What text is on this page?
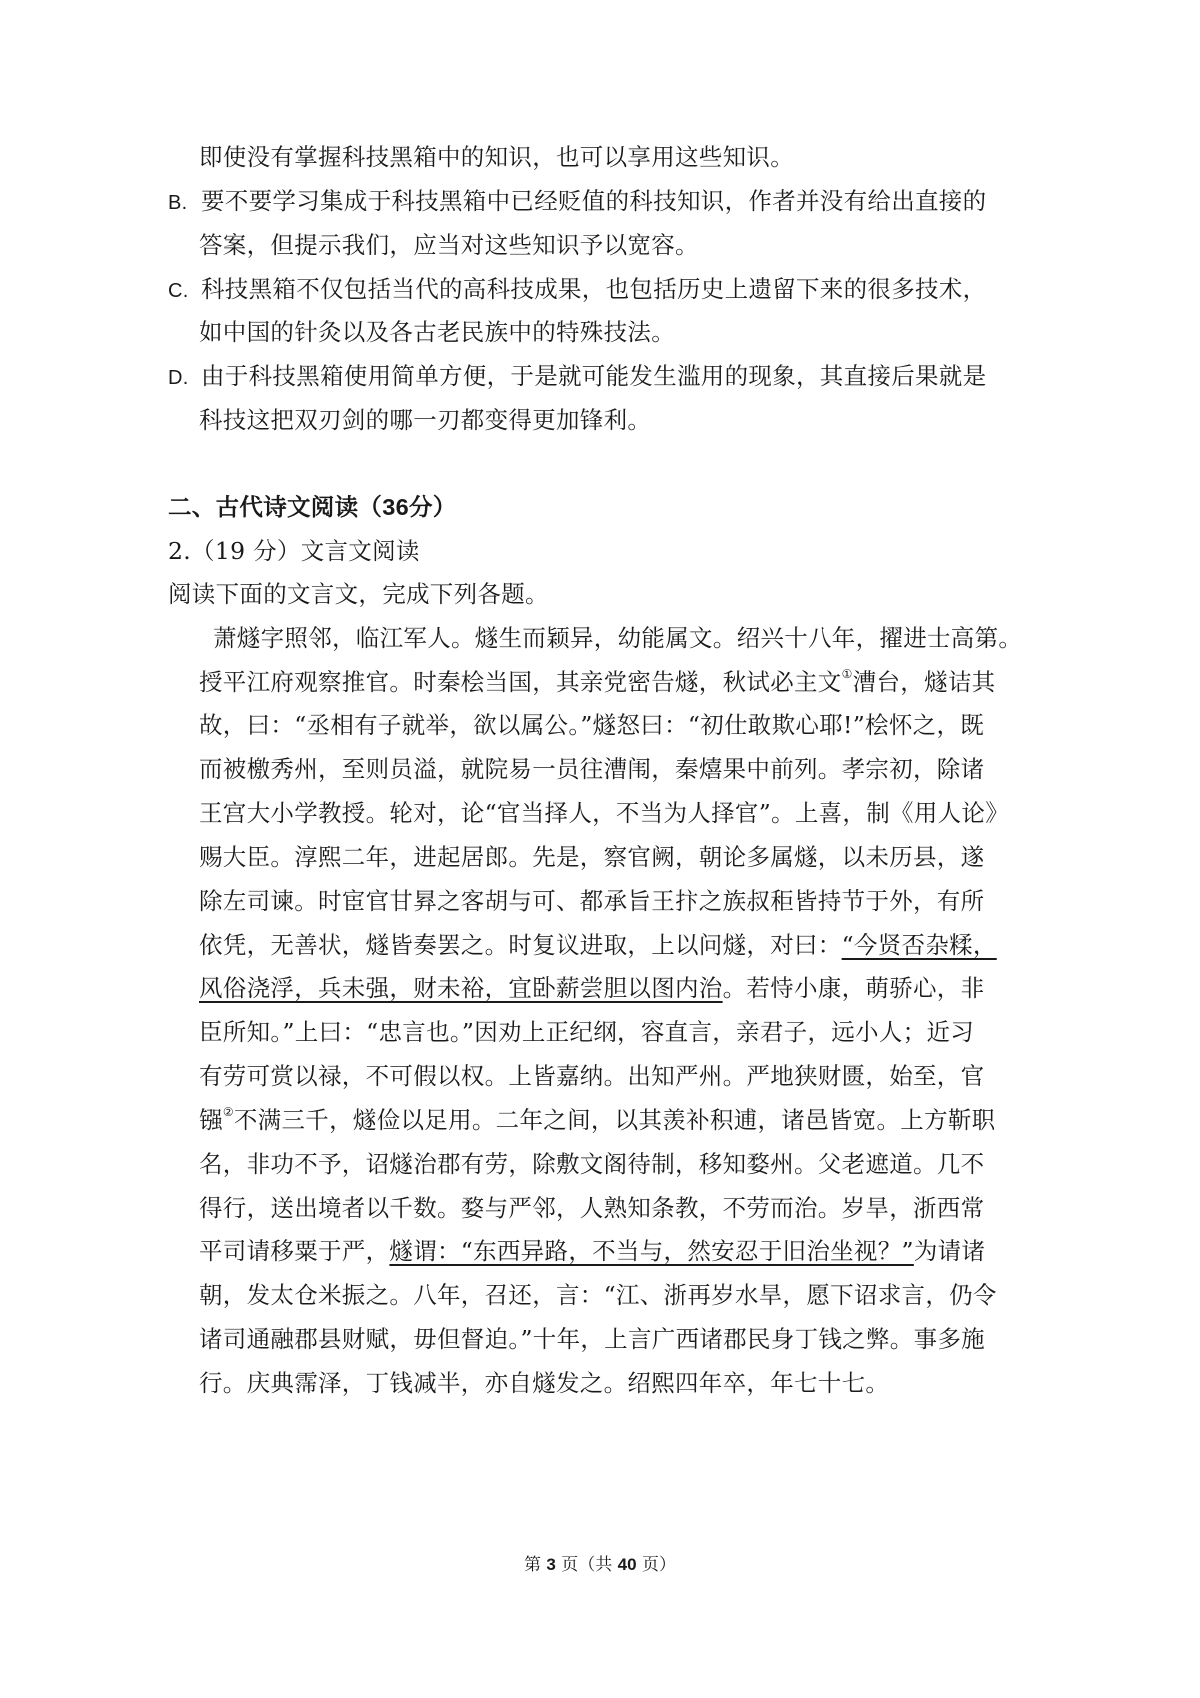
即使没有掌握科技黑箱中的知识，也可以享用这些知识。
B. 要不要学习集成于科技黑箱中已经贬值的科技知识，作者并没有给出直接的
答案，但提示我们，应当对这些知识予以宽容。
C. 科技黑箱不仅包括当代的高科技成果，也包括历史上遗留下来的很多技术，
如中国的针灸以及各古老民族中的特殊技法。
D. 由于科技黑箱使用简单方便，于是就可能发生滥用的现象，其直接后果就是
科技这把双刃剑的哪一刃都变得更加锋利。
二、古代诗文阅读（36分）
2.（19 分）文言文阅读
阅读下面的文言文，完成下列各题。
萧燧字照邻，临江军人。燧生而颖异，幼能属文。绍兴十八年，擢进士高第。
授平江府观察推官。时秦桧当国，其亲党密告燧，秋试必主文①漕台，燧诘其
故，曰：“丞相有子就举，欲以属公。”燧怒曰：“初仕敢欺心耶!”桧怀之，既
而被檄秀州，至则员溢，就院易一员往漕闱，秦熺果中前列。孝宗初，除诸
王宫大小学教授。轮对，论“官当择人，不当为人择官”。上喜，制《用人论》
赐大臣。淳熙二年，进起居郎。先是，察官阙，朝论多属燧，以未历县，遂
除左司谏。时宦官甘昪之客胡与可、都承旨王抃之族叔秬皆持节于外，有所
依凭，无善状，燧皆奏罢之。时复议进取，上以问燧，对曰：“今贤否杂糅，
风俗浇浮，兵未强，财未裕，宜卧薪尝胆以图内治。若恃小康，萌骄心，非
臣所知。”上曰：“忠言也。”因劝上正纪纲，容直言，亲君子，远小人；近习
有劳可赏以禄，不可假以权。上皆嘉纳。出知严州。严地狭财匮，始至，官
镪②不满三千，燧俭以足用。二年之间，以其羡补积逋，诸邑皆宽。上方靳职
名，非功不予，诏燧治郡有劳，除敷文阁待制，移知婺州。父老遮道。几不
得行，送出境者以千数。婺与严邻，人熟知条教，不劳而治。岁旱，浙西常
平司请移粟于严，燧谓：“东西异路，不当与，然安忍于旧治坐视？”为请诸
朝，发太仓米振之。八年，召还，言：“江、浙再岁水旱，愿下诏求言，仍令
诸司通融郡县财赋，毋但督迫。”十年，上言广西诸郡民身丁钱之弊。事多施
行。庆典霈泽，丁钱减半，亦自燧发之。绍熙四年卒，年七十七。
第 3 页（共 40 页）
